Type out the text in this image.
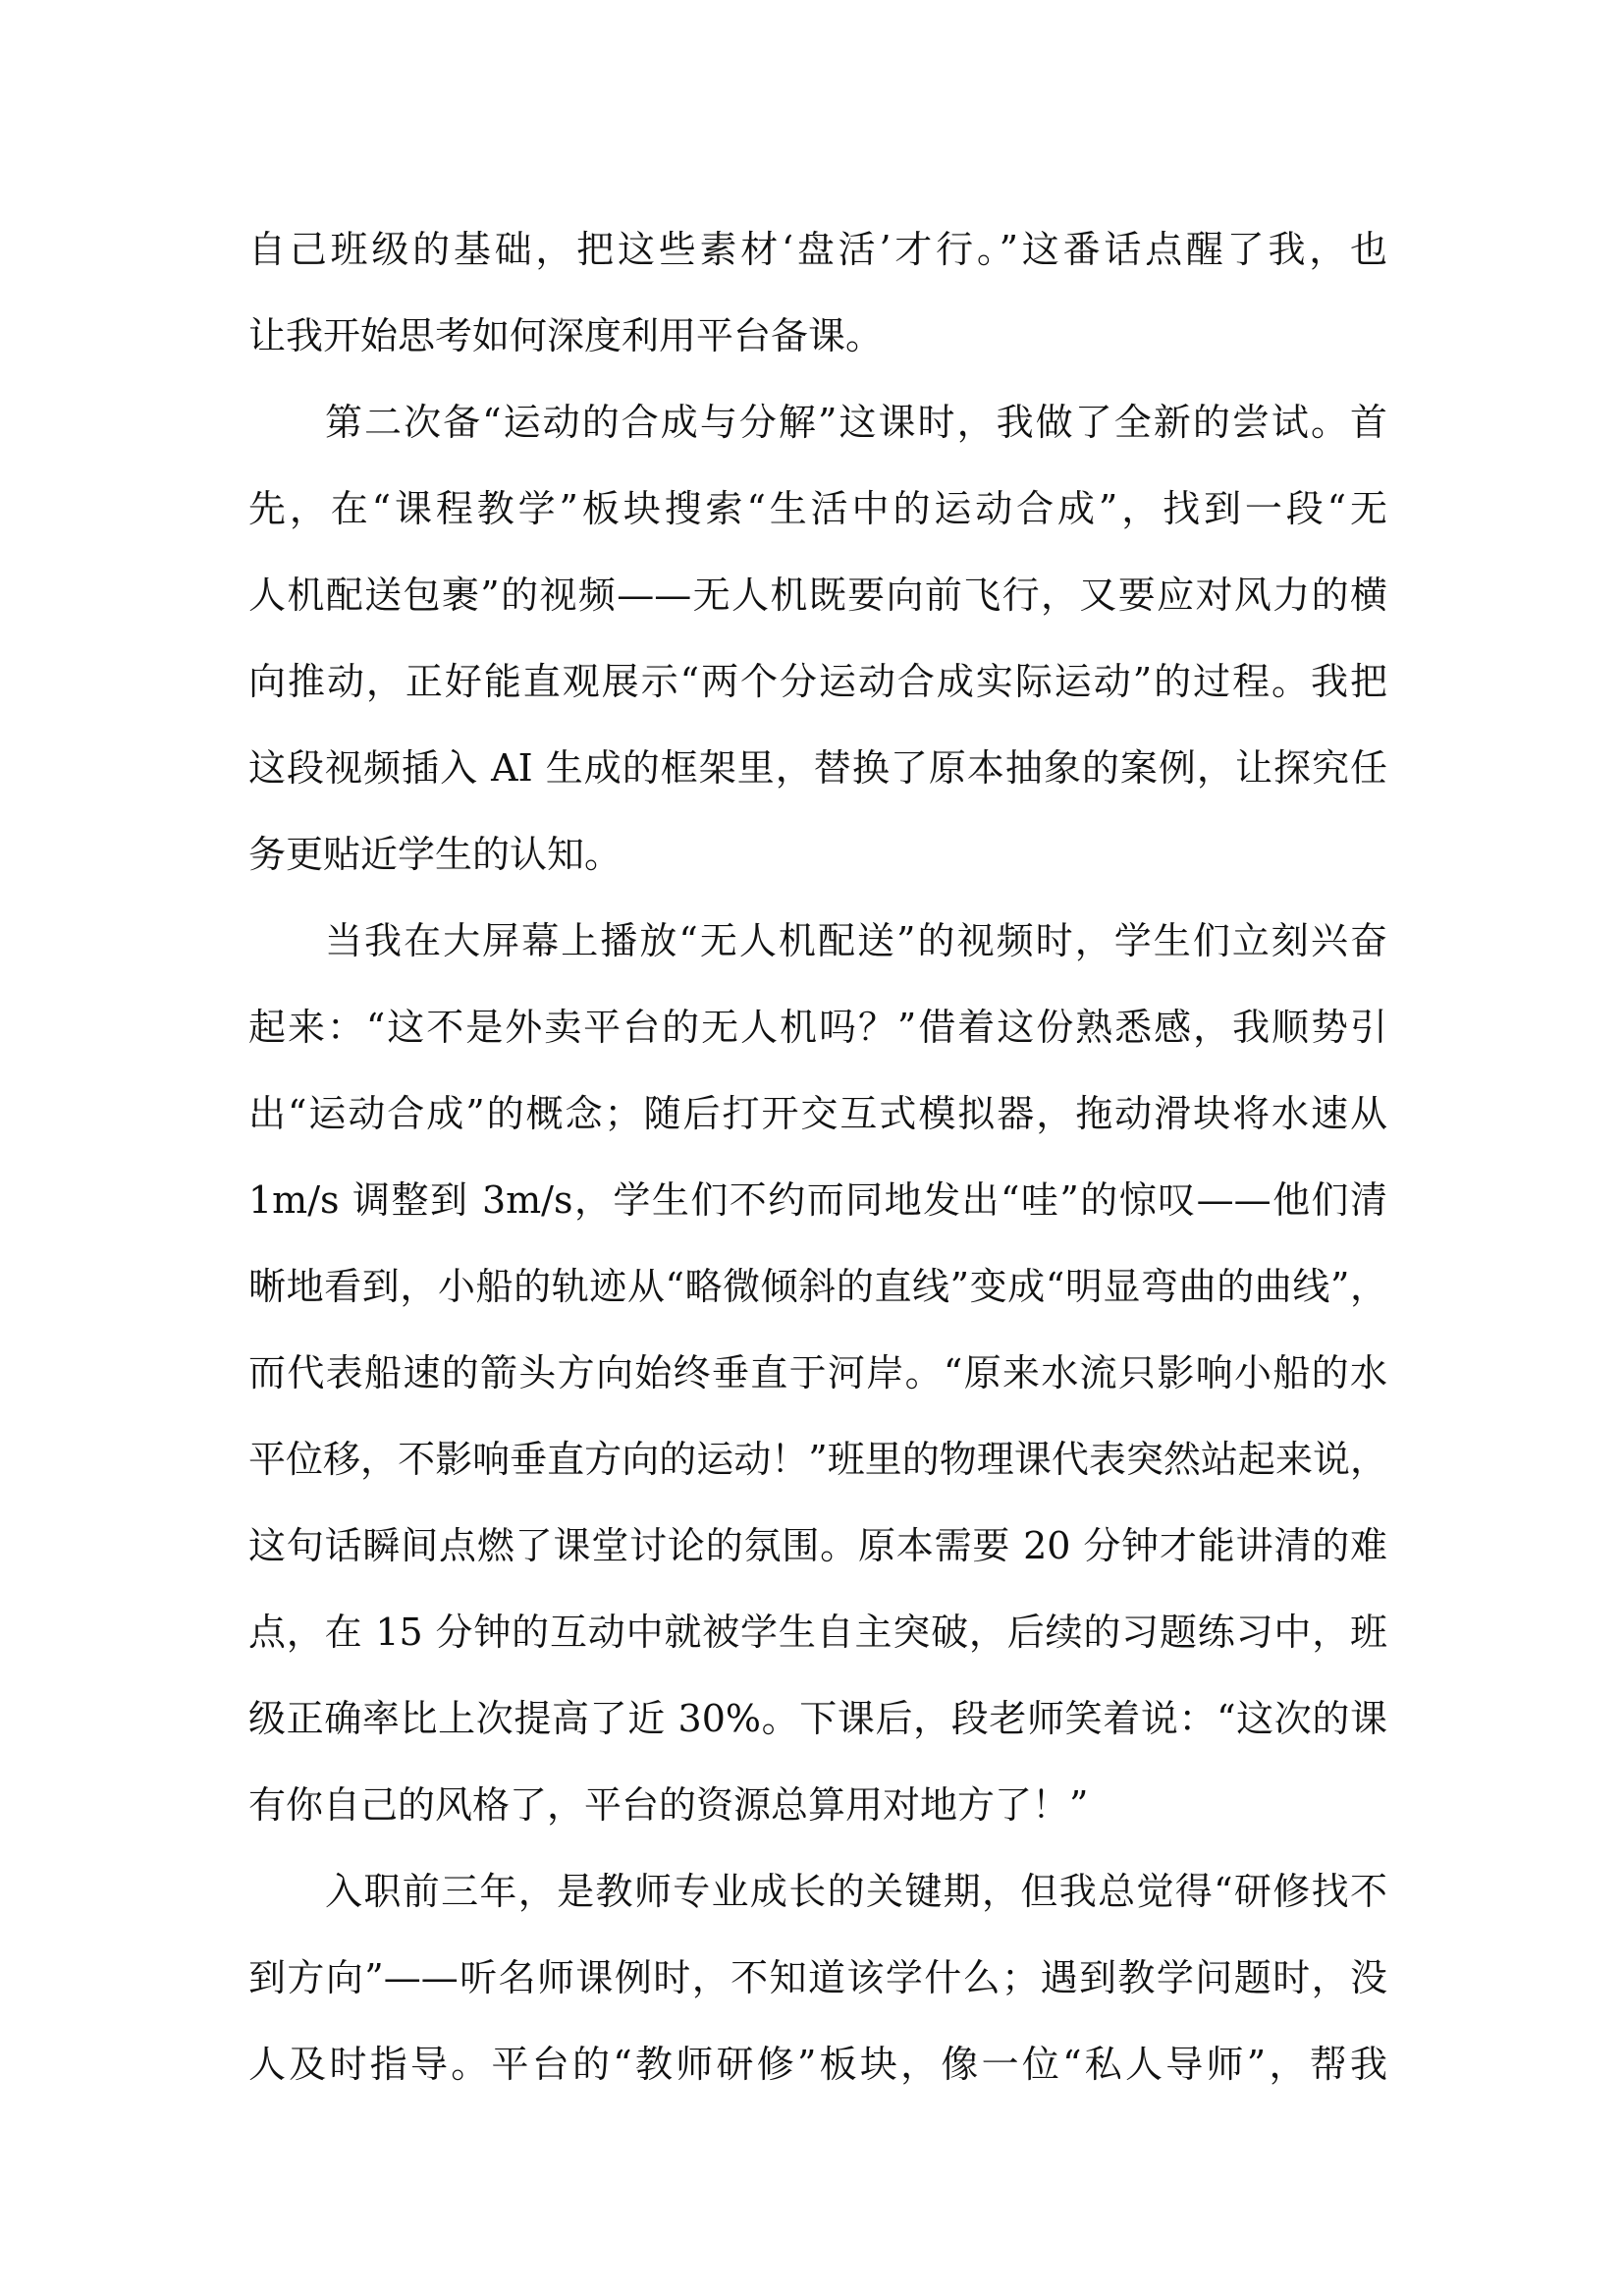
自己班级的基础，把这些素材‘盘活’才行。”这番话点醒了我，也
让我开始思考如何深度利用平台备课。
第二次备“运动的合成与分解”这课时，我做了全新的尝试。首
先，在“课程教学”板块搜索“生活中的运动合成”，找到一段“无
人机配送包裹”的视频——无人机既要向前飞行，又要应对风力的横
向推动，正好能直观展示“两个分运动合成实际运动”的过程。我把
这段视频插入 AI 生成的框架里，替换了原本抽象的案例，让探究任
务更贴近学生的认知。
当我在大屏幕上播放“无人机配送”的视频时，学生们立刻兴奋
起来：“这不是外卖平台的无人机吗？”借着这份熟悉感，我顺势引
出“运动合成”的概念；随后打开交互式模拟器，拖动滑块将水速从
1m/s 调整到 3m/s，学生们不约而同地发出“哇”的惊叹——他们清
晰地看到，小船的轨迹从“略微倾斜的直线”变成“明显弯曲的曲线”，
而代表船速的箭头方向始终垂直于河岸。“原来水流只影响小船的水
平位移，不影响垂直方向的运动！”班里的物理课代表突然站起来说，
这句话瞬间点燃了课堂讨论的氛围。原本需要 20 分钟才能讲清的难
点，在 15 分钟的互动中就被学生自主突破，后续的习题练习中，班
级正确率比上次提高了近 30%。下课后，段老师笑着说：“这次的课
有你自己的风格了，平台的资源总算用对地方了！”
入职前三年，是教师专业成长的关键期，但我总觉得“研修找不
到方向”——听名师课例时，不知道该学什么；遇到教学问题时，没
人及时指导。平台的“教师研修”板块，像一位“私人导师”，帮我
